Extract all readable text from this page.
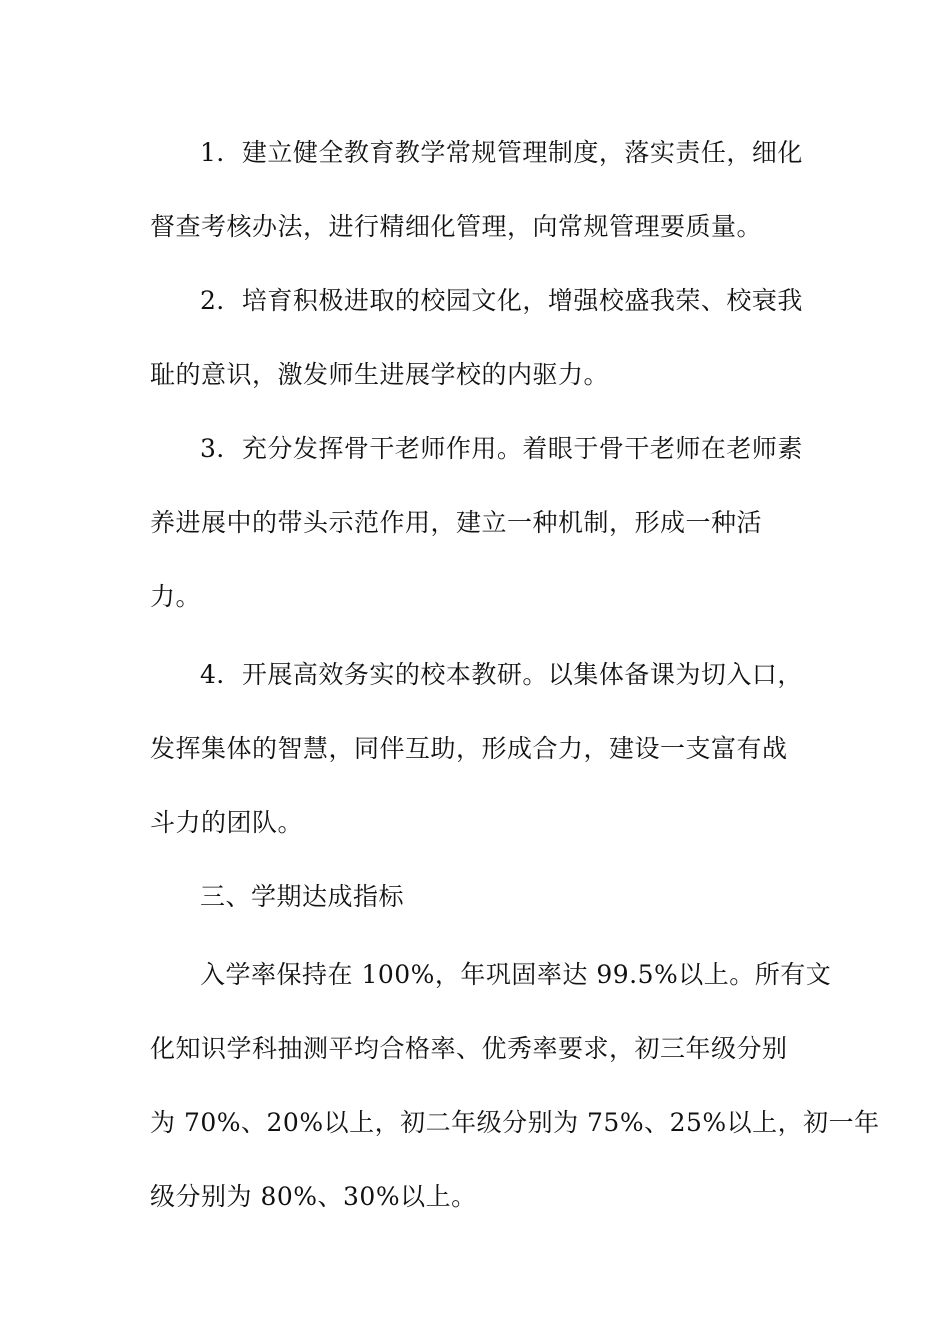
1．建立健全教育教学常规管理制度，落实责任，细化
督查考核办法，进行精细化管理，向常规管理要质量。
2．培育积极进取的校园文化，增强校盛我荣、校衰我
耻的意识，激发师生进展学校的内驱力。
3．充分发挥骨干老师作用。着眼于骨干老师在老师素
养进展中的带头示范作用，建立一种机制，形成一种活
力。
4．开展高效务实的校本教研。以集体备课为切入口，
发挥集体的智慧，同伴互助，形成合力，建设一支富有战
斗力的团队。
三、学期达成指标
入学率保持在 100%，年巩固率达 99.5%以上。所有文
化知识学科抽测平均合格率、优秀率要求，初三年级分别
为 70%、20%以上，初二年级分别为 75%、25%以上，初一年
级分别为 80%、30%以上。
